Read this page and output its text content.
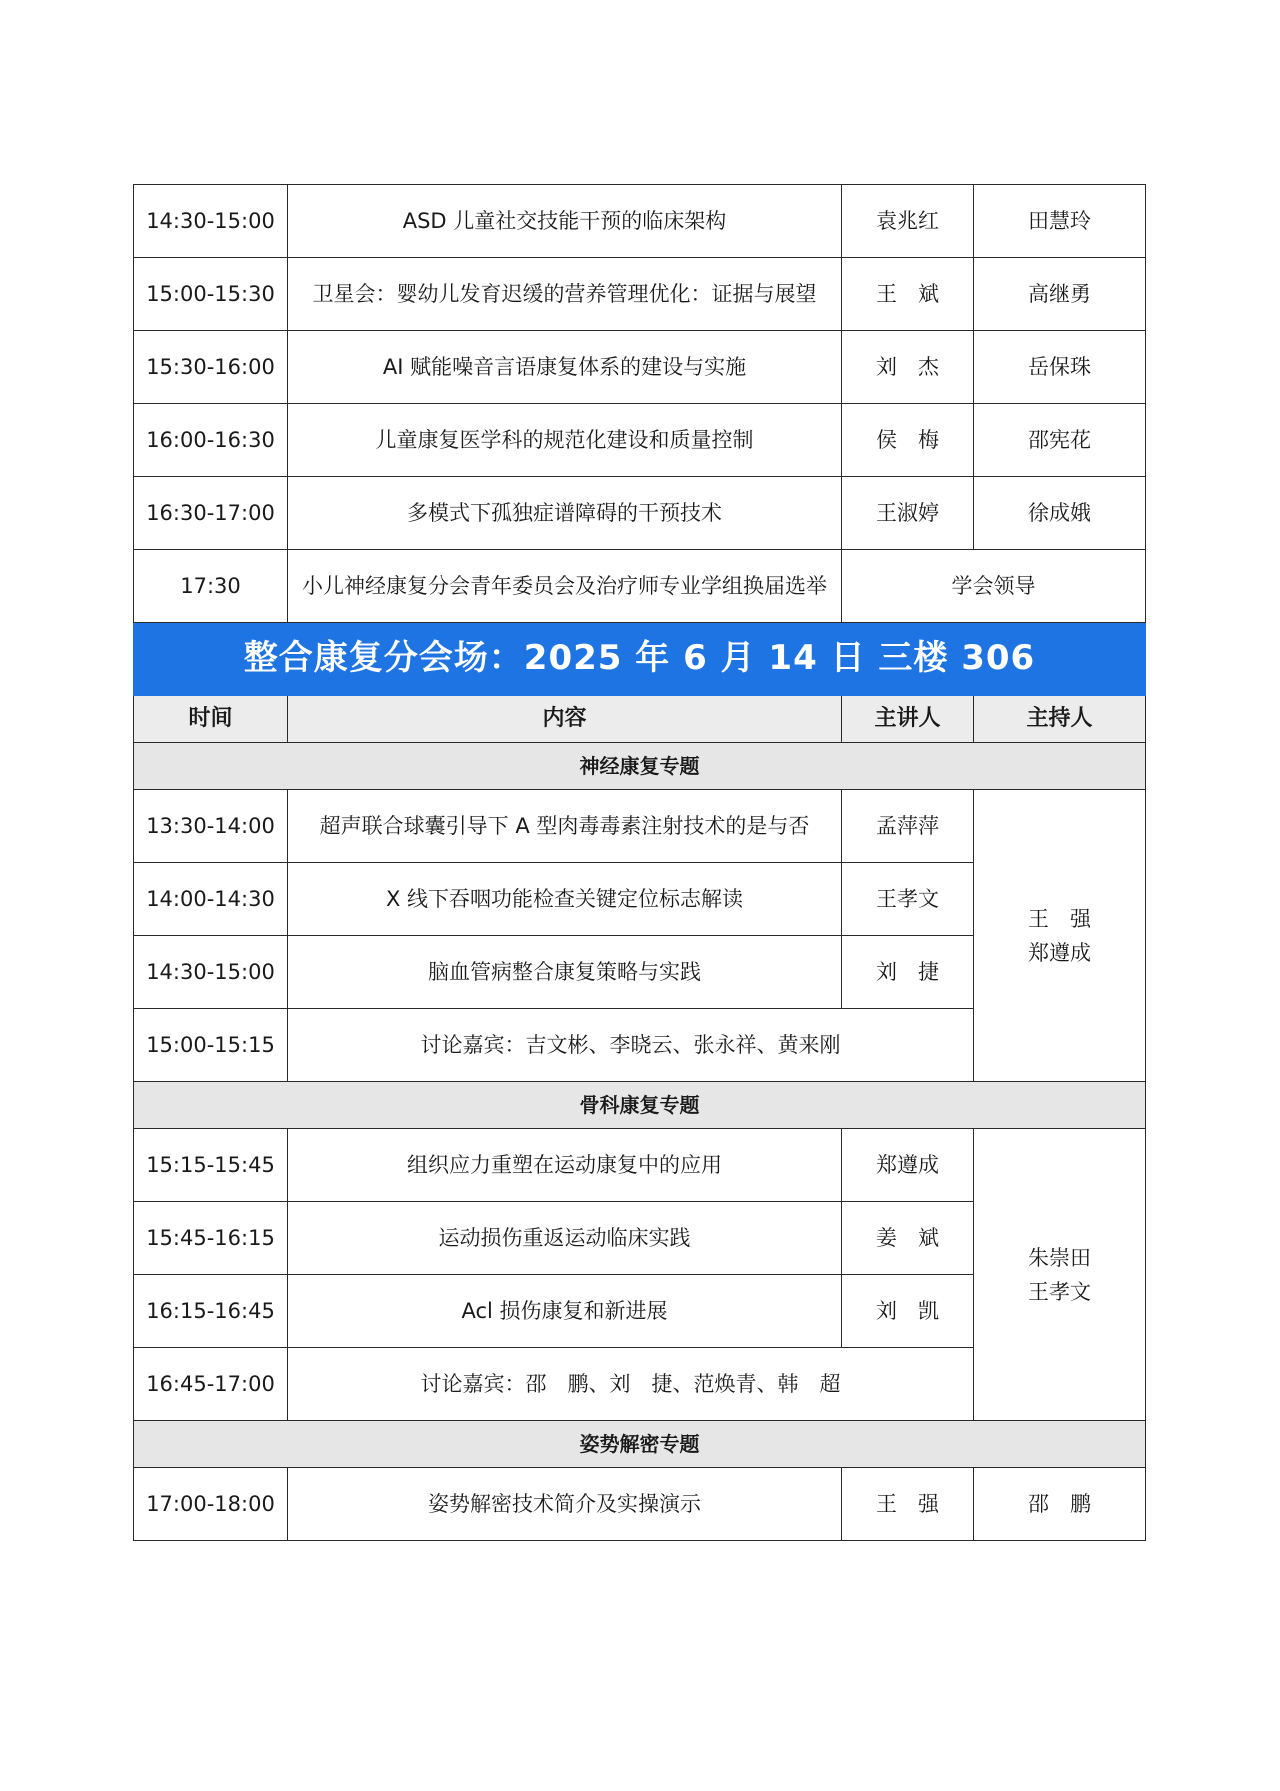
14:30-15:00	ASD 儿童社交技能干预的临床架构	袁兆红	田慧玲
15:00-15:30	卫星会：婴幼儿发育迟缓的营养管理优化：证据与展望	王　斌	高继勇
15:30-16:00	AI 赋能噪音言语康复体系的建设与实施	刘　杰	岳保珠
16:00-16:30	儿童康复医学科的规范化建设和质量控制	侯　梅	邵宪花
16:30-17:00	多模式下孤独症谱障碍的干预技术	王淑婷	徐成娥
17:30	小儿神经康复分会青年委员会及治疗师专业学组换届选举	学会领导	
整合康复分会场：2025 年 6 月 14 日 三楼 306			
时间	内容	主讲人	主持人
神经康复专题			
13:30-14:00	超声联合球囊引导下 A 型肉毒毒素注射技术的是与否	孟萍萍	王　强
郑遵成

14:00-14:30	X 线下吞咽功能检查关键定位标志解读	王孝文	
14:30-15:00	脑血管病整合康复策略与实践	刘　捷	
15:00-15:15	讨论嘉宾：吉文彬、李晓云、张永祥、黄来刚		
骨科康复专题			
15:15-15:45	组织应力重塑在运动康复中的应用	郑遵成	朱崇田
王孝文

15:45-16:15	运动损伤重返运动临床实践	姜　斌	
16:15-16:45	Acl 损伤康复和新进展	刘　凯	
16:45-17:00	讨论嘉宾：邵　鹏、刘　捷、范焕青、韩　超		
姿势解密专题			
17:00-18:00	姿势解密技术简介及实操演示	王　强	邵　鹏
